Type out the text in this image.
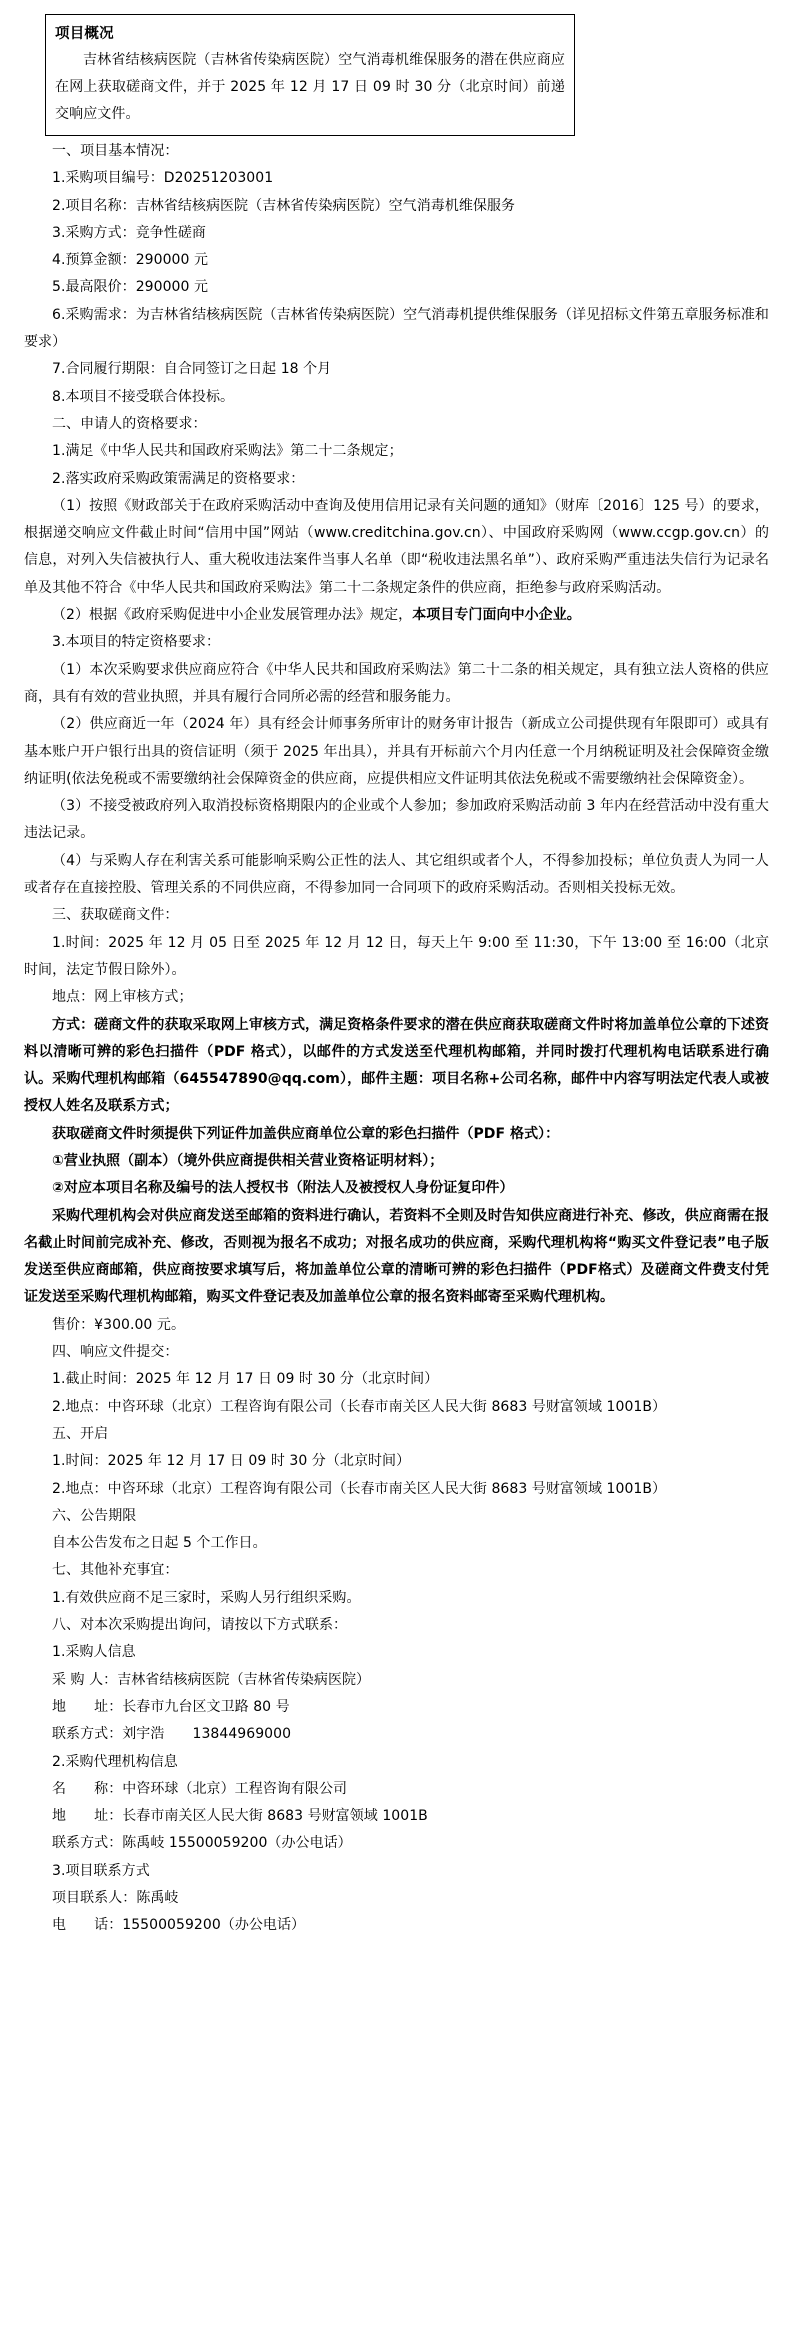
项目概况
吉林省结核病医院（吉林省传染病医院）空气消毒机维保服务的潜在供应商应在网上获取磋商文件，并于 2025 年 12 月 17 日 09 时 30 分（北京时间）前递交响应文件。

一、项目基本情况：

1.采购项目编号：D20251203001

2.项目名称：吉林省结核病医院（吉林省传染病医院）空气消毒机维保服务

3.采购方式：竞争性磋商

4.预算金额：290000 元

5.最高限价：290000 元

6.采购需求：为吉林省结核病医院（吉林省传染病医院）空气消毒机提供维保服务（详见招标文件第五章服务标准和要求）

7.合同履行期限：自合同签订之日起 18 个月

8.本项目不接受联合体投标。

二、申请人的资格要求：

1.满足《中华人民共和国政府采购法》第二十二条规定；

2.落实政府采购政策需满足的资格要求：

（1）按照《财政部关于在政府采购活动中查询及使用信用记录有关问题的通知》（财库〔2016〕125 号）的要求，根据递交响应文件截止时间“信用中国”网站（www.creditchina.gov.cn）、中国政府采购网（www.ccgp.gov.cn）的信息，对列入失信被执行人、重大税收违法案件当事人名单（即“税收违法黑名单”）、政府采购严重违法失信行为记录名单及其他不符合《中华人民共和国政府采购法》第二十二条规定条件的供应商，拒绝参与政府采购活动。

（2）根据《政府采购促进中小企业发展管理办法》规定，本项目专门面向中小企业。

3.本项目的特定资格要求：

（1）本次采购要求供应商应符合《中华人民共和国政府采购法》第二十二条的相关规定，具有独立法人资格的供应商，具有有效的营业执照，并具有履行合同所必需的经营和服务能力。

（2）供应商近一年（2024 年）具有经会计师事务所审计的财务审计报告（新成立公司提供现有年限即可）或具有基本账户开户银行出具的资信证明（须于 2025 年出具），并具有开标前六个月内任意一个月纳税证明及社会保障资金缴纳证明(依法免税或不需要缴纳社会保障资金的供应商，应提供相应文件证明其依法免税或不需要缴纳社会保障资金）。

（3）不接受被政府列入取消投标资格期限内的企业或个人参加；参加政府采购活动前 3 年内在经营活动中没有重大违法记录。

（4）与采购人存在利害关系可能影响采购公正性的法人、其它组织或者个人，不得参加投标；单位负责人为同一人或者存在直接控股、管理关系的不同供应商，不得参加同一合同项下的政府采购活动。否则相关投标无效。

三、获取磋商文件：

1.时间：2025 年 12 月 05 日至 2025 年 12 月 12 日，每天上午 9:00 至 11:30，下午 13:00 至 16:00（北京时间，法定节假日除外）。

地点：网上审核方式；

方式：磋商文件的获取采取网上审核方式，满足资格条件要求的潜在供应商获取磋商文件时将加盖单位公章的下述资料以清晰可辨的彩色扫描件（PDF 格式），以邮件的方式发送至代理机构邮箱，并同时拨打代理机构电话联系进行确认。采购代理机构邮箱（645547890@qq.com），邮件主题：项目名称+公司名称，邮件中内容写明法定代表人或被授权人姓名及联系方式；

获取磋商文件时须提供下列证件加盖供应商单位公章的彩色扫描件（PDF 格式）：

①营业执照（副本）（境外供应商提供相关营业资格证明材料）；

②对应本项目名称及编号的法人授权书（附法人及被授权人身份证复印件）

采购代理机构会对供应商发送至邮箱的资料进行确认，若资料不全则及时告知供应商进行补充、修改，供应商需在报名截止时间前完成补充、修改，否则视为报名不成功；对报名成功的供应商，采购代理机构将“购买文件登记表”电子版发送至供应商邮箱，供应商按要求填写后，将加盖单位公章的清晰可辨的彩色扫描件（PDF格式）及磋商文件费支付凭证发送至采购代理机构邮箱，购买文件登记表及加盖单位公章的报名资料邮寄至采购代理机构。

售价：¥300.00 元。

四、响应文件提交：

1.截止时间：2025 年 12 月 17 日 09 时 30 分（北京时间）

2.地点：中咨环球（北京）工程咨询有限公司（长春市南关区人民大街 8683 号财富领域 1001B）

五、开启

1.时间：2025 年 12 月 17 日 09 时 30 分（北京时间）

2.地点：中咨环球（北京）工程咨询有限公司（长春市南关区人民大街 8683 号财富领域 1001B）

六、公告期限

自本公告发布之日起 5 个工作日。

七、其他补充事宜：

1.有效供应商不足三家时，采购人另行组织采购。

八、对本次采购提出询问，请按以下方式联系：

1.采购人信息

采 购 人：吉林省结核病医院（吉林省传染病医院）

地　　址：长春市九台区文卫路 80 号

联系方式：刘宇浩　　13844969000

2.采购代理机构信息

名　　称：中咨环球（北京）工程咨询有限公司

地　　址：长春市南关区人民大街 8683 号财富领域 1001B

联系方式：陈禹岐 15500059200（办公电话）

3.项目联系方式

项目联系人：陈禹岐

电　　话：15500059200（办公电话）
